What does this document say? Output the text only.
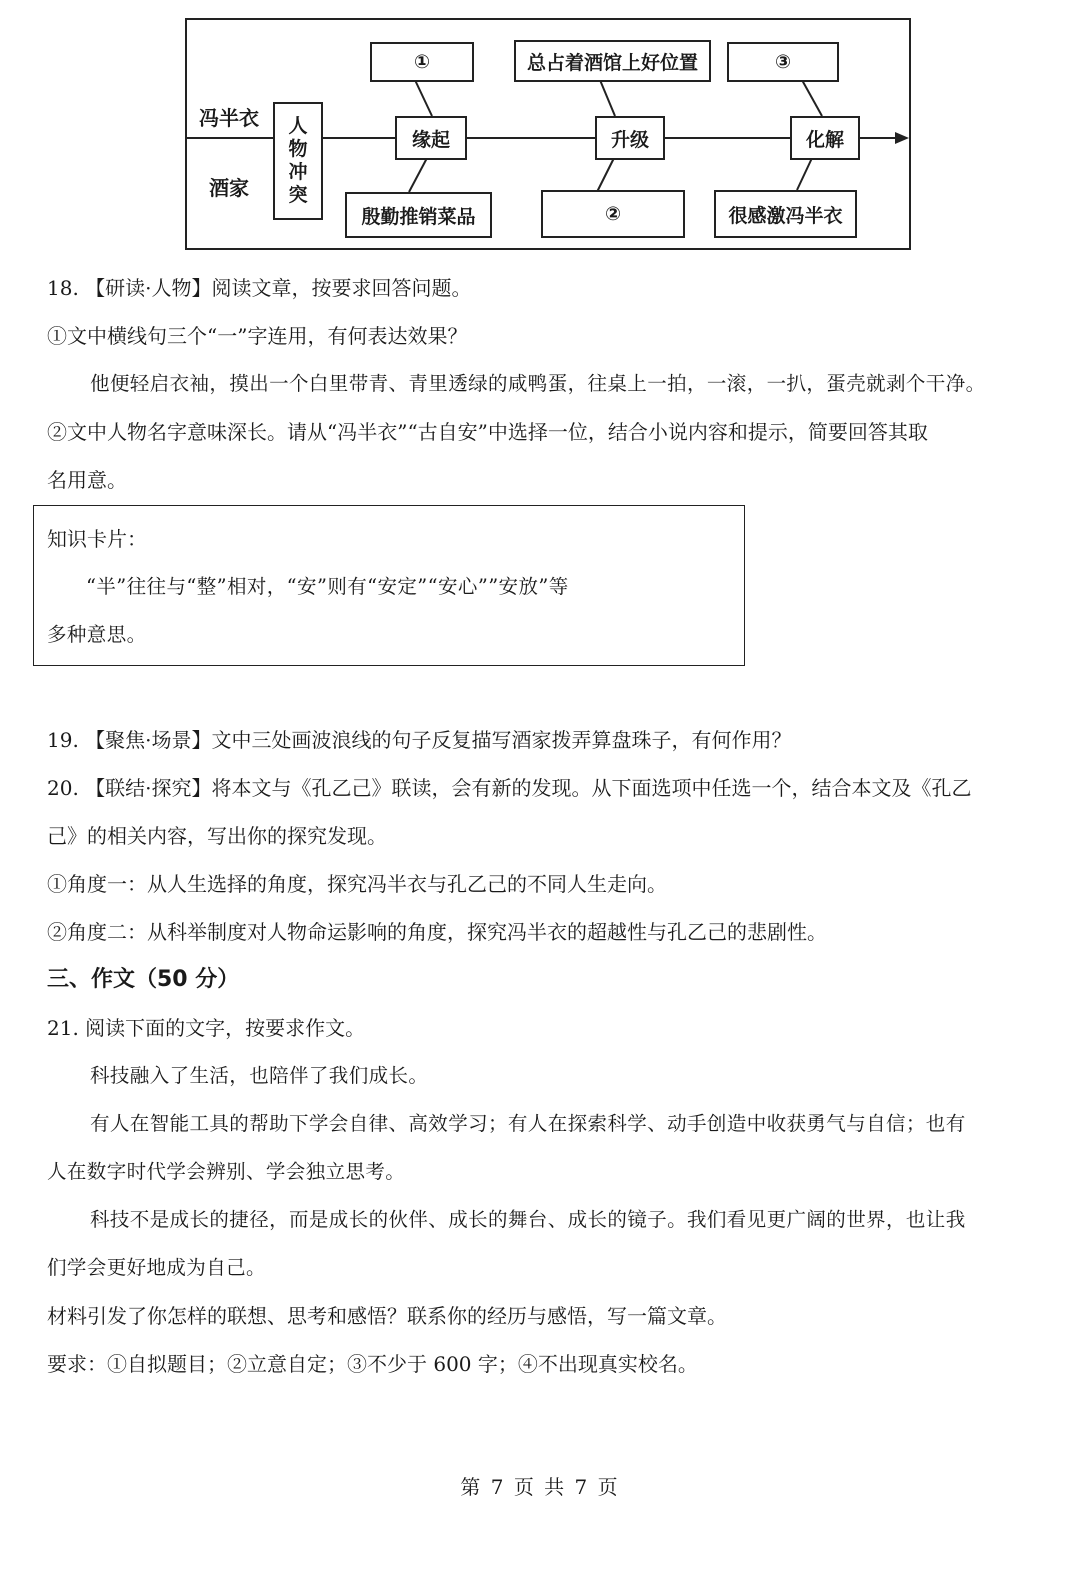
冯半衣
酒家
人
物
冲
突
缘起	升级	化解
①	总占着酒馆上好位置	③
殷勤推销菜品	②	很感激冯半衣
18. 【研读·人物】阅读文章，按要求回答问题。
①文中横线句三个“一”字连用，有何表达效果？
他便轻启衣袖，摸出一个白里带青、青里透绿的咸鸭蛋，往桌上一拍，一滚，一扒，蛋壳就剥个干净。
②文中人物名字意味深长。请从“冯半衣”“古自安”中选择一位，结合小说内容和提示，简要回答其取
名用意。
知识卡片：
“半”往往与“整”相对，“安”则有“安定”“安心””安放”等
多种意思。
19. 【聚焦·场景】文中三处画波浪线的句子反复描写酒家拨弄算盘珠子，有何作用？
20. 【联结·探究】将本文与《孔乙己》联读，会有新的发现。从下面选项中任选一个，结合本文及《孔乙
己》的相关内容，写出你的探究发现。
①角度一：从人生选择的角度，探究冯半衣与孔乙己的不同人生走向。
②角度二：从科举制度对人物命运影响的角度，探究冯半衣的超越性与孔乙己的悲剧性。
三、作文（50 分）
21. 阅读下面的文字，按要求作文。
科技融入了生活，也陪伴了我们成长。
有人在智能工具的帮助下学会自律、高效学习；有人在探索科学、动手创造中收获勇气与自信；也有
人在数字时代学会辨别、学会独立思考。
科技不是成长的捷径，而是成长的伙伴、成长的舞台、成长的镜子。我们看见更广阔的世界，也让我
们学会更好地成为自己。
材料引发了你怎样的联想、思考和感悟？联系你的经历与感悟，写一篇文章。
要求：①自拟题目；②立意自定；③不少于 600 字；④不出现真实校名。
第 7 页 共 7 页
